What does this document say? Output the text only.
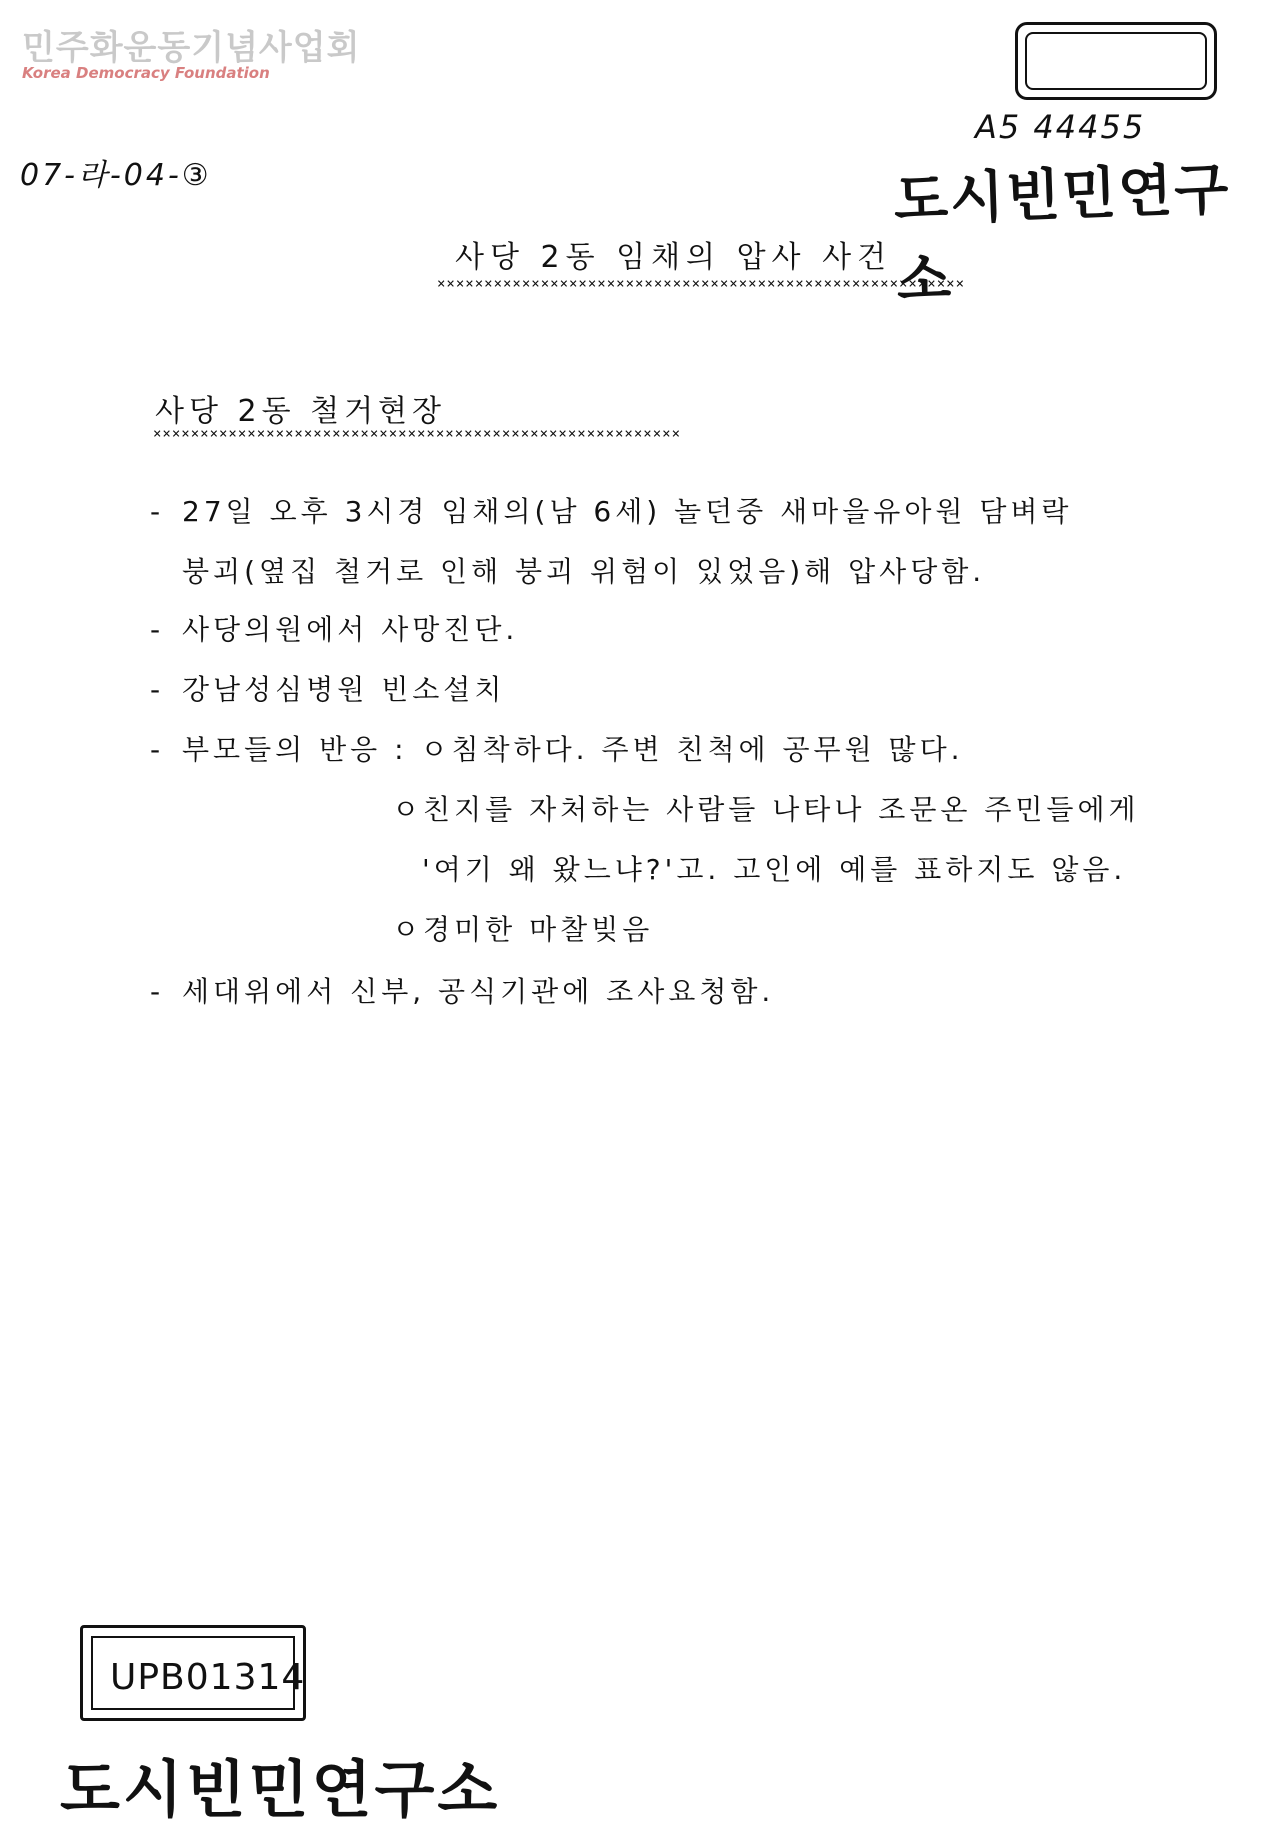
민주화운동기념사업회
Korea Democracy Foundation
07-라-04-③
A5 44455
도시빈민연구소
사당 2동 임채의 압사 사건
××××××××××××××××××××××××××××××××××××××××××××××××××××××××
사당 2동 철거현장
××××××××××××××××××××××××××××××××××××××××××××××××××××××××
- 27일 오후 3시경 임채의(남 6세) 놀던중 새마을유아원 담벼락
붕괴(옆집 철거로 인해 붕괴 위험이 있었음)해 압사당함.
- 사당의원에서 사망진단.
- 강남성심병원 빈소설치
- 부모들의 반응 : ㅇ침착하다. 주변 친척에 공무원 많다.
ㅇ친지를 자처하는 사람들 나타나 조문온 주민들에게
'여기 왜 왔느냐?'고. 고인에 예를 표하지도 않음.
ㅇ경미한 마찰빚음
- 세대위에서 신부, 공식기관에 조사요청함.
UPB01314
도시빈민연구소
